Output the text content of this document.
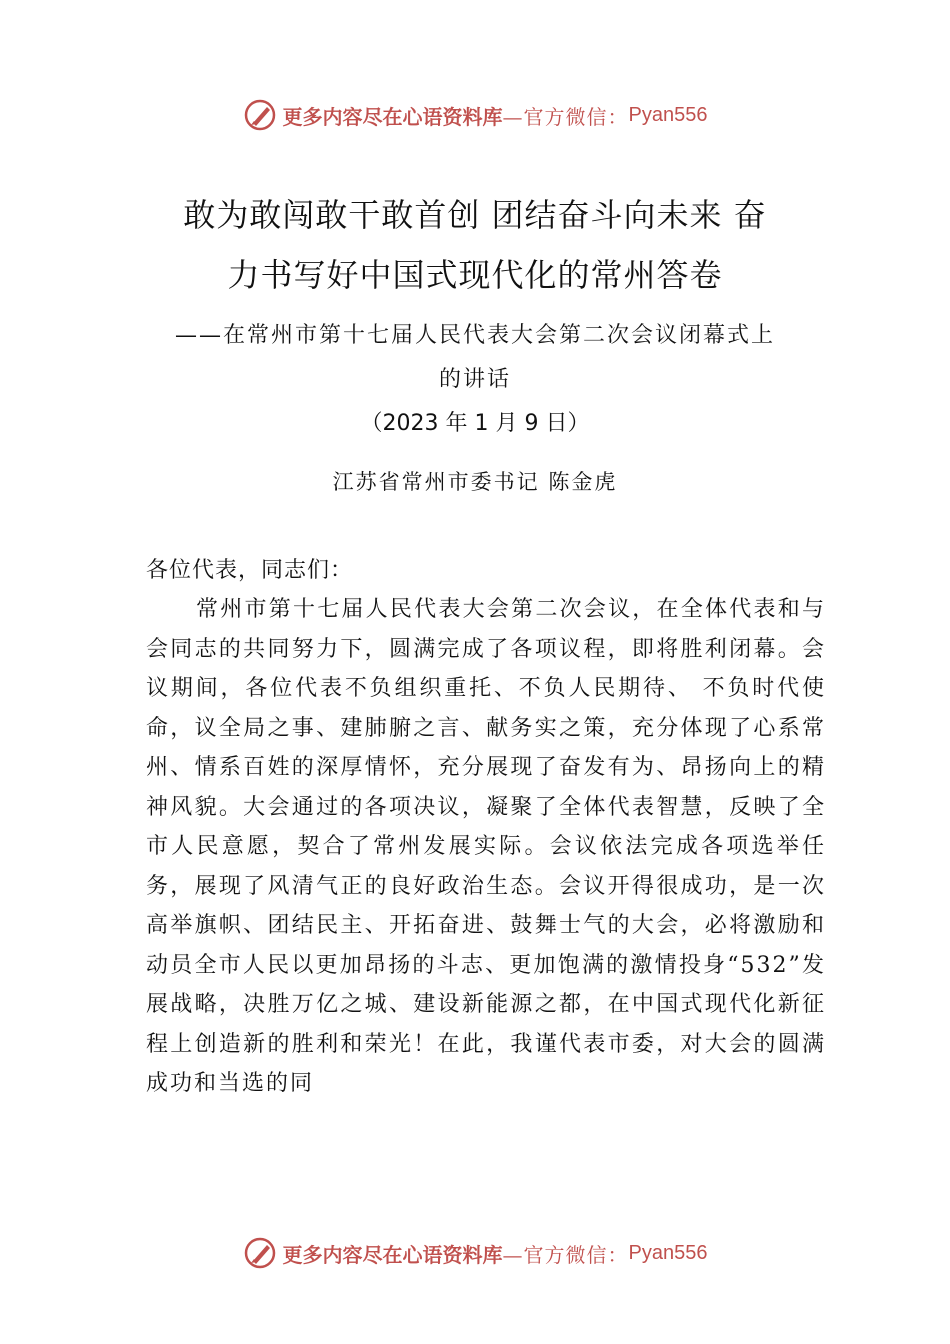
更多内容尽在心语资料库 —官方微信： Pyan556
敢为敢闯敢干敢首创 团结奋斗向未来 奋
力书写好中国式现代化的常州答卷
——在常州市第十七届人民代表大会第二次会议闭幕式上
的讲话
（2023 年 1 月 9 日）
江苏省常州市委书记 陈金虎
各位代表，同志们：
常州市第十七届人民代表大会第二次会议，在全体代表和与会同志的共同努力下，圆满完成了各项议程，即将胜利闭幕。会议期间，各位代表不负组织重托、不负人民期待、 不负时代使命，议全局之事、建肺腑之言、献务实之策，充分体现了心系常州、情系百姓的深厚情怀，充分展现了奋发有为、昂扬向上的精神风貌。大会通过的各项决议，凝聚了全体代表智慧，反映了全市人民意愿，契合了常州发展实际。会议依法完成各项选举任务，展现了风清气正的良好政治生态。会议开得很成功，是一次高举旗帜、团结民主、开拓奋进、鼓舞士气的大会，必将激励和动员全市人民以更加昂扬的斗志、更加饱满的激情投身“532”发展战略，决胜万亿之城、建设新能源之都，在中国式现代化新征程上创造新的胜利和荣光！在此，我谨代表市委，对大会的圆满成功和当选的同
更多内容尽在心语资料库 —官方微信： Pyan556
